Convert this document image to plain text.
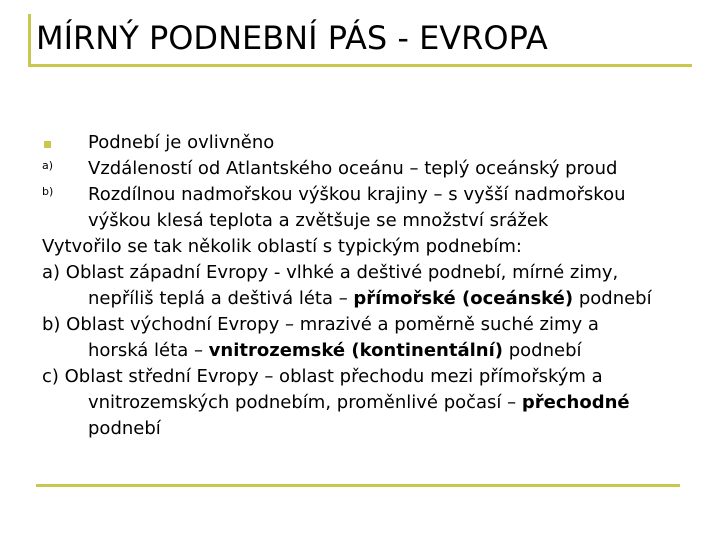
MÍRNÝ PODNEBNÍ PÁS - EVROPA
Podnebí je ovlivněno
a) Vzdáleností od Atlantského oceánu – teplý oceánský proud
b) Rozdílnou nadmořskou výškou krajiny – s vyšší nadmořskou
výškou klesá teplota a zvětšuje se množství srážek
Vytvořilo se tak několik oblastí s typickým podnebím:
a) Oblast západní Evropy - vlhké a deštivé podnebí, mírné zimy,
nepříliš teplá a deštivá léta – přímořské (oceánské) podnebí
b) Oblast východní Evropy – mrazivé a poměrně suché zimy a
horská léta – vnitrozemské (kontinentální) podnebí
c) Oblast střední Evropy – oblast přechodu mezi přímořským a
vnitrozemských podnebím, proměnlivé počasí – přechodné
podnebí
